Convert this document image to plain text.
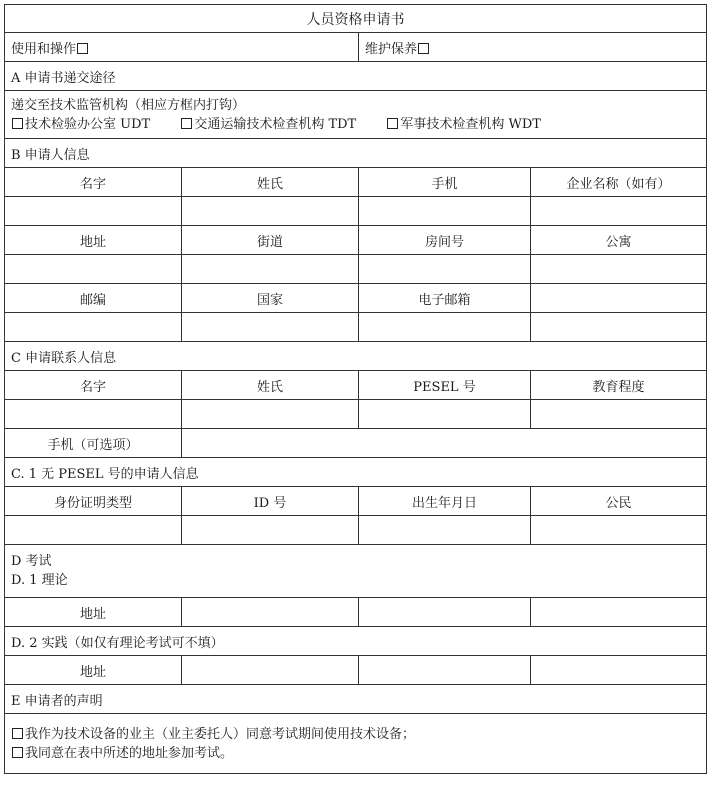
人员资格申请书			
使用和操作		维护保养	
A 申请书递交途径			

递交至技术监管机构（相应方框内打钩）
技术检验办公室 UDT 交通运输技术检查机构 TDT 军事技术检查机构 WDT			

B 申请人信息			
名字	姓氏	手机	企业名称（如有）

地址	街道	房间号	公寓

邮编	国家	电子邮箱	

C 申请联系人信息			
名字	姓氏	PESEL 号	教育程度

手机（可选项）			
C. 1 无 PESEL 号的申请人信息			
身份证明类型	ID 号	出生年月日	公民

D 考试
D. 1 理论			

地址			
D. 2 实践（如仅有理论考试可不填）			
地址			
E 申请者的声明			

我作为技术设备的业主（业主委托人）同意考试期间使用技术设备；
我同意在表中所述的地址参加考试。			
